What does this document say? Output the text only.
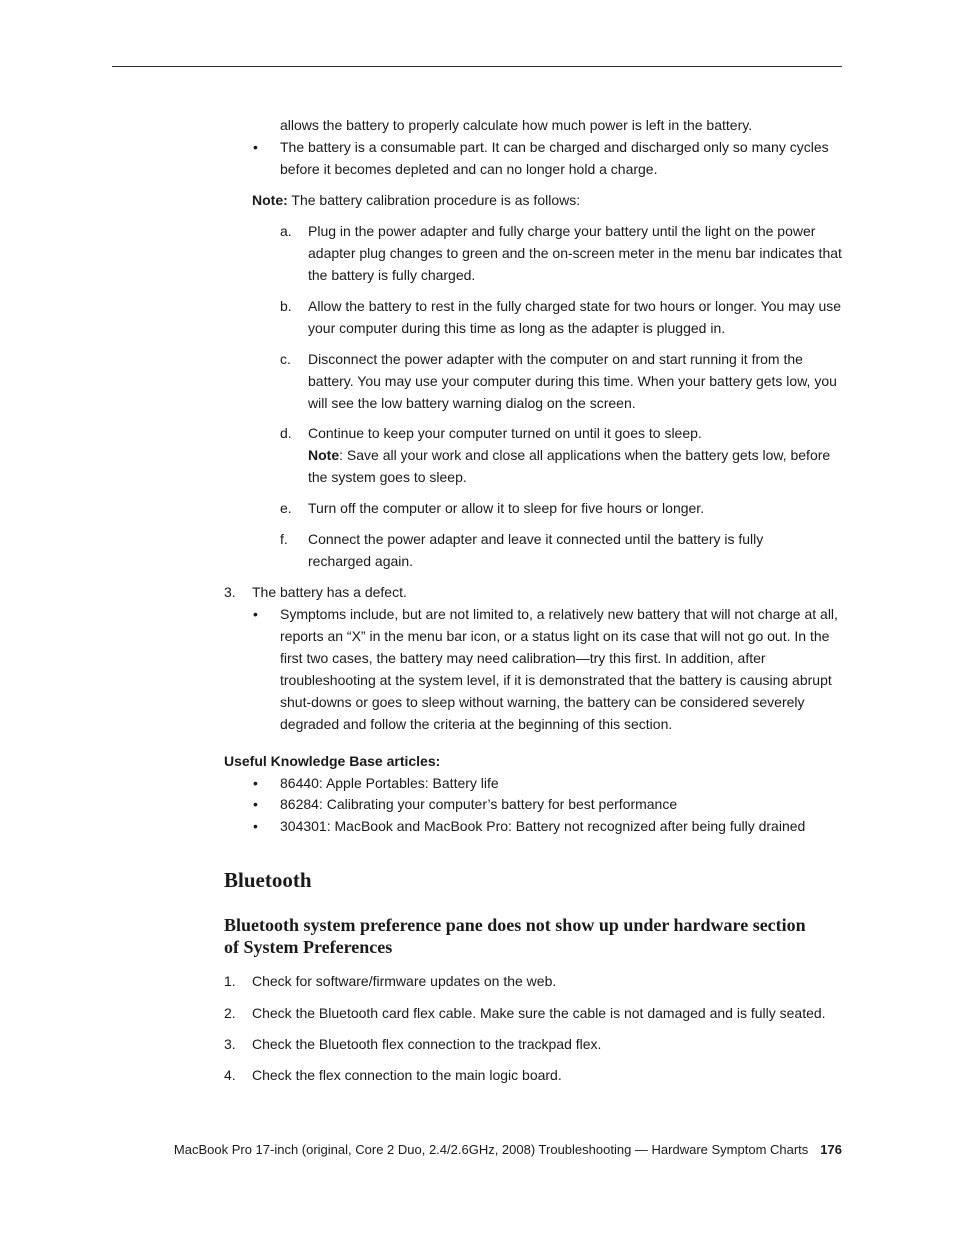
allows the battery to properly calculate how much power is left in the battery.

• The battery is a consumable part. It can be charged and discharged only so many cycles before it becomes depleted and can no longer hold a charge.

Note: The battery calibration procedure is as follows:

a. Plug in the power adapter and fully charge your battery until the light on the power adapter plug changes to green and the on-screen meter in the menu bar indicates that the battery is fully charged.

b. Allow the battery to rest in the fully charged state for two hours or longer. You may use your computer during this time as long as the adapter is plugged in.

c. Disconnect the power adapter with the computer on and start running it from the battery. You may use your computer during this time. When your battery gets low, you will see the low battery warning dialog on the screen.

d. Continue to keep your computer turned on until it goes to sleep.

Note: Save all your work and close all applications when the battery gets low, before the system goes to sleep.

e. Turn off the computer or allow it to sleep for five hours or longer.

f. Connect the power adapter and leave it connected until the battery is fully recharged again.

3. The battery has a defect.

• Symptoms include, but are not limited to, a relatively new battery that will not charge at all, reports an “X” in the menu bar icon, or a status light on its case that will not go out. In the first two cases, the battery may need calibration—try this first. In addition, after troubleshooting at the system level, if it is demonstrated that the battery is causing abrupt shut-downs or goes to sleep without warning, the battery can be considered severely degraded and follow the criteria at the beginning of this section.

Useful Knowledge Base articles:

• 86440: Apple Portables: Battery life

• 86284: Calibrating your computer’s battery for best performance

• 304301: MacBook and MacBook Pro: Battery not recognized after being fully drained

Bluetooth
Bluetooth system preference pane does not show up under hardware section of System Preferences
1. Check for software/firmware updates on the web.

2. Check the Bluetooth card flex cable. Make sure the cable is not damaged and is fully seated.

3. Check the Bluetooth flex connection to the trackpad flex.

4. Check the flex connection to the main logic board.

MacBook Pro 17-inch (original, Core 2 Duo, 2.4/2.6GHz, 2008) Troubleshooting — Hardware Symptom Charts 176
